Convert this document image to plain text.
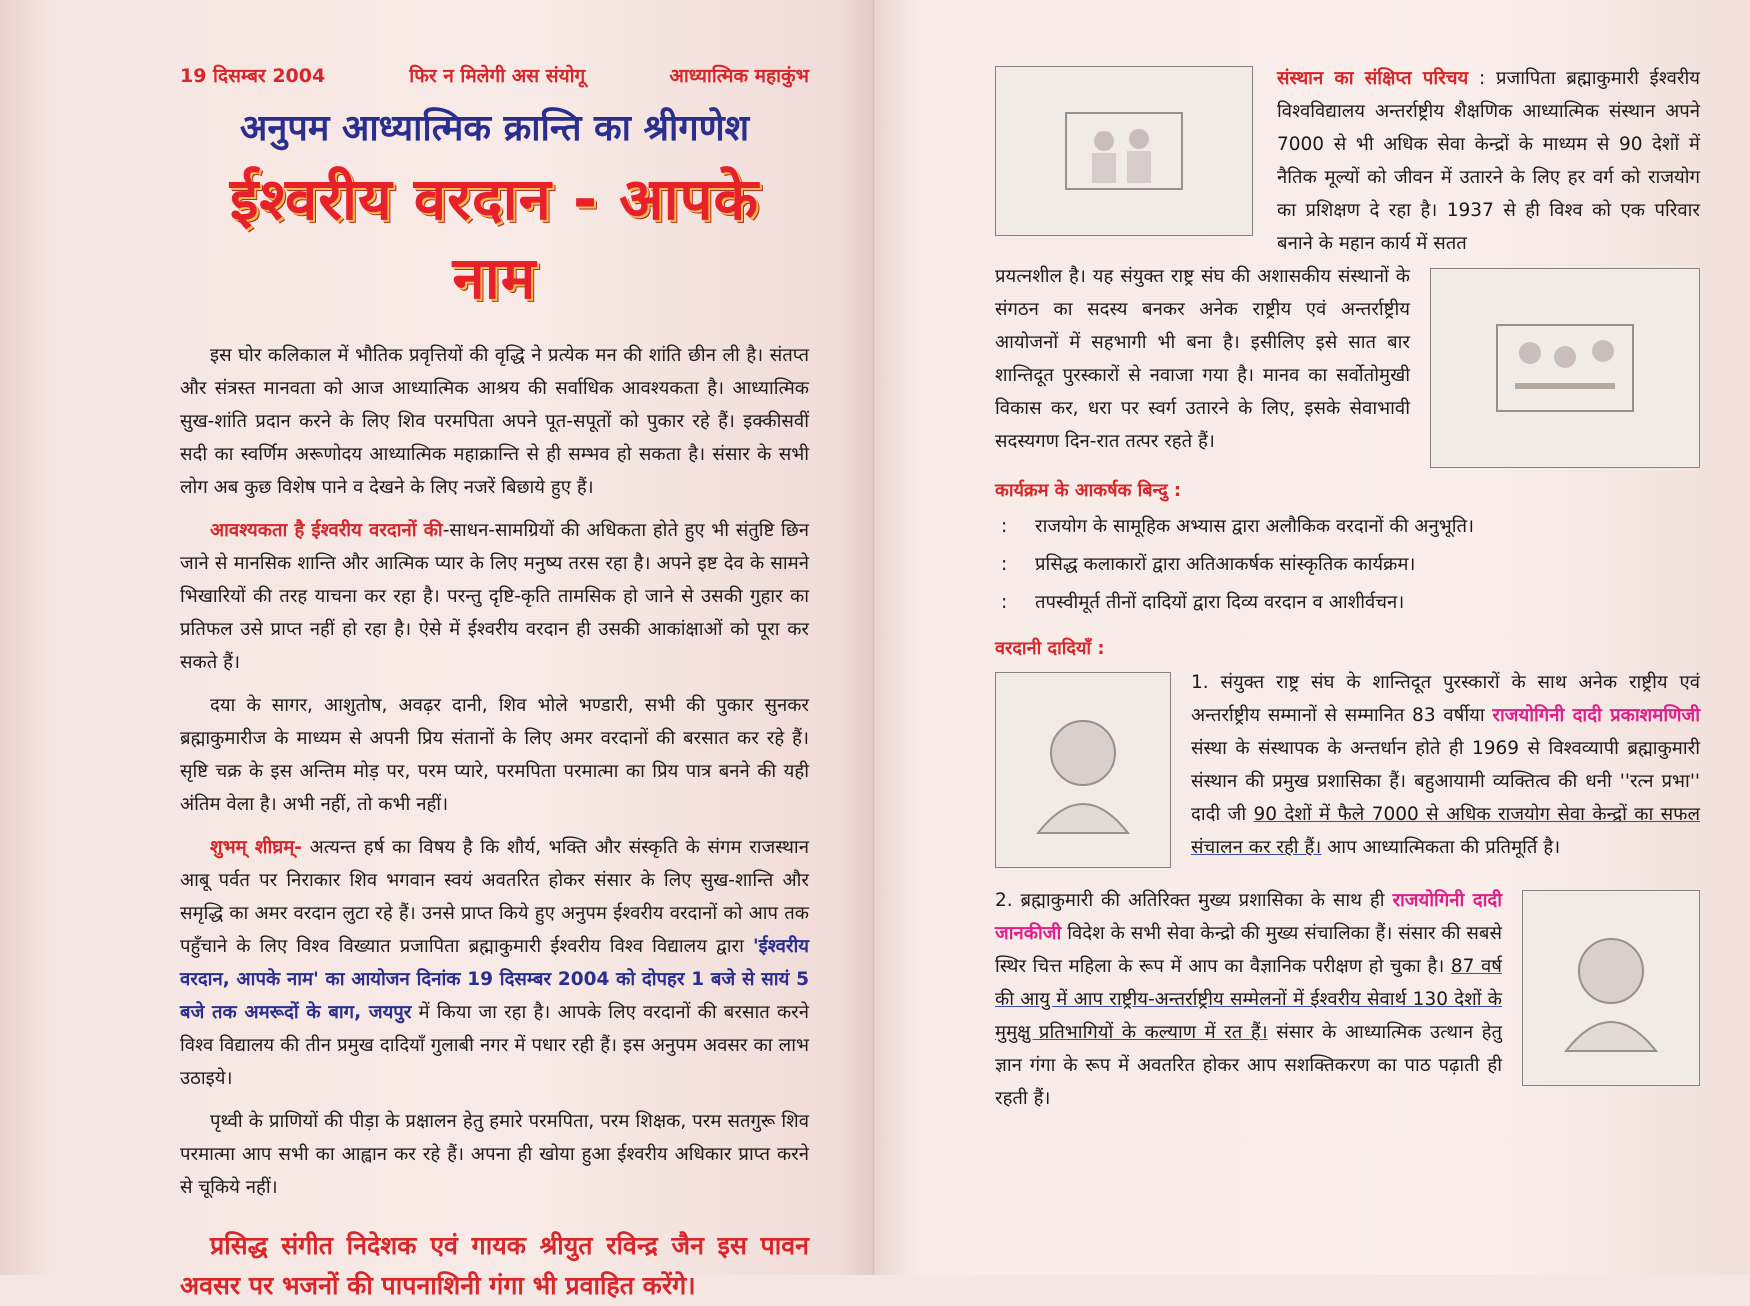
19 दिसम्बर 2004	फिर न मिलेगी अस संयोगू	आध्यात्मिक महाकुंभ
अनुपम आध्यात्मिक क्रान्ति का श्रीगणेश
ईश्वरीय वरदान - आपके नाम

इस घोर कलिकाल में भौतिक प्रवृत्तियों की वृद्धि ने प्रत्येक मन की शांति छीन ली है। संतप्त और संत्रस्त मानवता को आज आध्यात्मिक आश्रय की सर्वाधिक आवश्यकता है। आध्यात्मिक सुख-शांति प्रदान करने के लिए शिव परमपिता अपने पूत-सपूतों को पुकार रहे हैं। इक्कीसवीं सदी का स्वर्णिम अरूणोदय आध्यात्मिक महाक्रान्ति से ही सम्भव हो सकता है। संसार के सभी लोग अब कुछ विशेष पाने व देखने के लिए नजरें बिछाये हुए हैं।

आवश्यकता है ईश्वरीय वरदानों की-साधन-सामग्रियों की अधिकता होते हुए भी संतुष्टि छिन जाने से मानसिक शान्ति और आत्मिक प्यार के लिए मनुष्य तरस रहा है। अपने इष्ट देव के सामने भिखारियों की तरह याचना कर रहा है। परन्तु दृष्टि-कृति तामसिक हो जाने से उसकी गुहार का प्रतिफल उसे प्राप्त नहीं हो रहा है। ऐसे में ईश्वरीय वरदान ही उसकी आकांक्षाओं को पूरा कर सकते हैं।

दया के सागर, आशुतोष, अवढ़र दानी, शिव भोले भण्डारी, सभी की पुकार सुनकर ब्रह्माकुमारीज के माध्यम से अपनी प्रिय संतानों के लिए अमर वरदानों की बरसात कर रहे हैं। सृष्टि चक्र के इस अन्तिम मोड़ पर, परम प्यारे, परमपिता परमात्मा का प्रिय पात्र बनने की यही अंतिम वेला है। अभी नहीं, तो कभी नहीं।

शुभम् शीघ्रम्- अत्यन्त हर्ष का विषय है कि शौर्य, भक्ति और संस्कृति के संगम राजस्थान आबू पर्वत पर निराकार शिव भगवान स्वयं अवतरित होकर संसार के लिए सुख-शान्ति और समृद्धि का अमर वरदान लुटा रहे हैं। उनसे प्राप्त किये हुए अनुपम ईश्वरीय वरदानों को आप तक पहुँचाने के लिए विश्व विख्यात प्रजापिता ब्रह्माकुमारी ईश्वरीय विश्व विद्यालय द्वारा 'ईश्वरीय वरदान, आपके नाम' का आयोजन दिनांक 19 दिसम्बर 2004 को दोपहर 1 बजे से सायं 5 बजे तक अमरूदों के बाग, जयपुर में किया जा रहा है। आपके लिए वरदानों की बरसात करने विश्व विद्यालय की तीन प्रमुख दादियाँ गुलाबी नगर में पधार रही हैं। इस अनुपम अवसर का लाभ उठाइये।

पृथ्वी के प्राणियों की पीड़ा के प्रक्षालन हेतु हमारे परमपिता, परम शिक्षक, परम सतगुरू शिव परमात्मा आप सभी का आह्वान कर रहे हैं। अपना ही खोया हुआ ईश्वरीय अधिकार प्राप्त करने से चूकिये नहीं।

प्रसिद्ध संगीत निदेशक एवं गायक श्रीयुत रविन्द्र जैन इस पावन अवसर पर भजनों की पापनाशिनी गंगा भी प्रवाहित करेंगे।
संस्थान का संक्षिप्त परिचय : प्रजापिता ब्रह्माकुमारी ईश्वरीय विश्वविद्यालय अन्तर्राष्ट्रीय शैक्षणिक आध्यात्मिक संस्थान अपने 7000 से भी अधिक सेवा केन्द्रों के माध्यम से 90 देशों में नैतिक मूल्यों को जीवन में उतारने के लिए हर वर्ग को राजयोग का प्रशिक्षण दे रहा है। 1937 से ही विश्व को एक परिवार बनाने के महान कार्य में सतत
प्रयत्नशील है। यह संयुक्त राष्ट्र संघ की अशासकीय संस्थानों के संगठन का सदस्य बनकर अनेक राष्ट्रीय एवं अन्तर्राष्ट्रीय आयोजनों में सहभागी भी बना है। इसीलिए इसे सात बार शान्तिदूत पुरस्कारों से नवाजा गया है। मानव का सर्वोतोमुखी विकास कर, धरा पर स्वर्ग उतारने के लिए, इसके सेवाभावी सदस्यगण दिन-रात तत्पर रहते हैं।
कार्यक्रम के आकर्षक बिन्दु :
:	राजयोग के सामूहिक अभ्यास द्वारा अलौकिक वरदानों की अनुभूति।
:	प्रसिद्ध कलाकारों द्वारा अतिआकर्षक सांस्कृतिक कार्यक्रम।
:	तपस्वीमूर्त तीनों दादियों द्वारा दिव्य वरदान व आशीर्वचन।
वरदानी दादियाँ :
1. संयुक्त राष्ट्र संघ के शान्तिदूत पुरस्कारों के साथ अनेक राष्ट्रीय एवं अन्तर्राष्ट्रीय सम्मानों से सम्मानित 83 वर्षीया राजयोगिनी दादी प्रकाशमणिजी संस्था के संस्थापक के अन्तर्धान होते ही 1969 से विश्वव्यापी ब्रह्माकुमारी संस्थान की प्रमुख प्रशासिका हैं। बहुआयामी व्यक्तित्व की धनी ''रत्न प्रभा'' दादी जी 90 देशों में फैले 7000 से अधिक राजयोग सेवा केन्द्रों का सफल संचालन कर रही हैं। आप आध्यात्मिकता की प्रतिमूर्ति है।
2. ब्रह्माकुमारी की अतिरिक्त मुख्य प्रशासिका के साथ ही राजयोगिनी दादी जानकीजी विदेश के सभी सेवा केन्द्रो की मुख्य संचालिका हैं। संसार की सबसे स्थिर चित्त महिला के रूप में आप का वैज्ञानिक परीक्षण हो चुका है। 87 वर्ष की आयु में आप राष्ट्रीय-अन्तर्राष्ट्रीय सम्मेलनों में ईश्वरीय सेवार्थ 130 देशों के मुमुक्षु प्रतिभागियों के कल्याण में रत हैं। संसार के आध्यात्मिक उत्थान हेतु ज्ञान गंगा के रूप में अवतरित होकर आप सशक्तिकरण का पाठ पढ़ाती ही रहती हैं।
